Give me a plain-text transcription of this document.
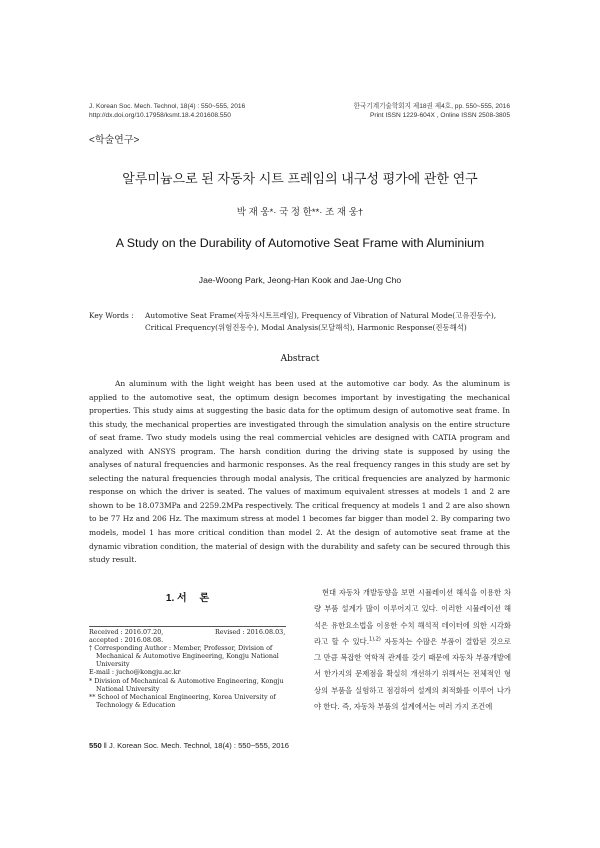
J. Korean Soc. Mech. Technol, 18(4) : 550~555, 2016
http://dx.doi.org/10.17958/ksmt.18.4.201608.550
한국기계기술학회지 제18권 제4호, pp. 550~555, 2016
Print ISSN 1229-604X , Online ISSN 2508-3805
<학술연구>
알루미늄으로 된 자동차 시트 프레임의 내구성 평가에 관한 연구
박 재 웅*· 국 정 한**· 조 재 웅†
A Study on the Durability of Automotive Seat Frame with Aluminium
Jae-Woong Park, Jeong-Han Kook and Jae-Ung Cho
Key Words :	Automotive Seat Frame(자동차시트프레임), Frequency of Vibration of Natural Mode(고유진동수), Critical Frequency(위험진동수), Modal Analysis(모달해석), Harmonic Response(진동해석)
Abstract

An aluminum with the light weight has been used at the automotive car body. As the aluminum is applied to the automotive seat, the optimum design becomes important by investigating the mechanical properties. This study aims at suggesting the basic data for the optimum design of automotive seat frame. In this study, the mechanical properties are investigated through the simulation analysis on the entire structure of seat frame. Two study models using the real commercial vehicles are designed with CATIA program and analyzed with ANSYS program. The harsh condition during the driving state is supposed by using the analyses of natural frequencies and harmonic responses. As the real frequency ranges in this study are set by selecting the natural frequencies through modal analysis, The critical frequencies are analyzed by harmonic response on which the driver is seated. The values of maximum equivalent stresses at models 1 and 2 are shown to be 18.073MPa and 2259.2MPa respectively. The critical frequency at models 1 and 2 are also shown to be 77 Hz and 206 Hz. The maximum stress at model 1 becomes far bigger than model 2. By comparing two models, model 1 has more critical condition than model 2. At the design of automotive seat frame at the dynamic vibration condition, the material of design with the durability and safety can be secured through this study result.

1. 서　 론
Received : 2016.07.20,	Revised : 2016.08.03,
accepted : 2016.08.08.
† Corresponding Author : Member, Professor, Division of Mechanical & Automotive Engineering, Kongju National University
E-mail : jucho@kongju.ac.kr
* Division of Mechanical & Automotive Engineering, Kongju National University
** School of Mechanical Engineering, Korea University of Technology & Education

현대 자동차 개발동향을 보면 시뮬레이션 해석을 이용한 차량 부품 설계가 많이 이루어지고 있다. 이러한 시뮬레이션 해석은 유한요소법을 이용한 수치 해석적 데이터에 의한 시각화라고 할 수 있다.$^{1),2)}$ 자동차는 수많은 부품이 결합된 것으로 그 만큼 복잡한 역학적 관계를 갖기 때문에 자동차 부품개발에서 한가지의 문제점을 확실히 개선하기 위해서는 전체적인 형상의 부품을 실험하고 점검하여 설계의 최적화를 이루어 나가야 한다. 즉, 자동차 부품의 설계에서는 여러 가지 조건에

550 ‖ J. Korean Soc. Mech. Technol, 18(4) : 550~555, 2016
